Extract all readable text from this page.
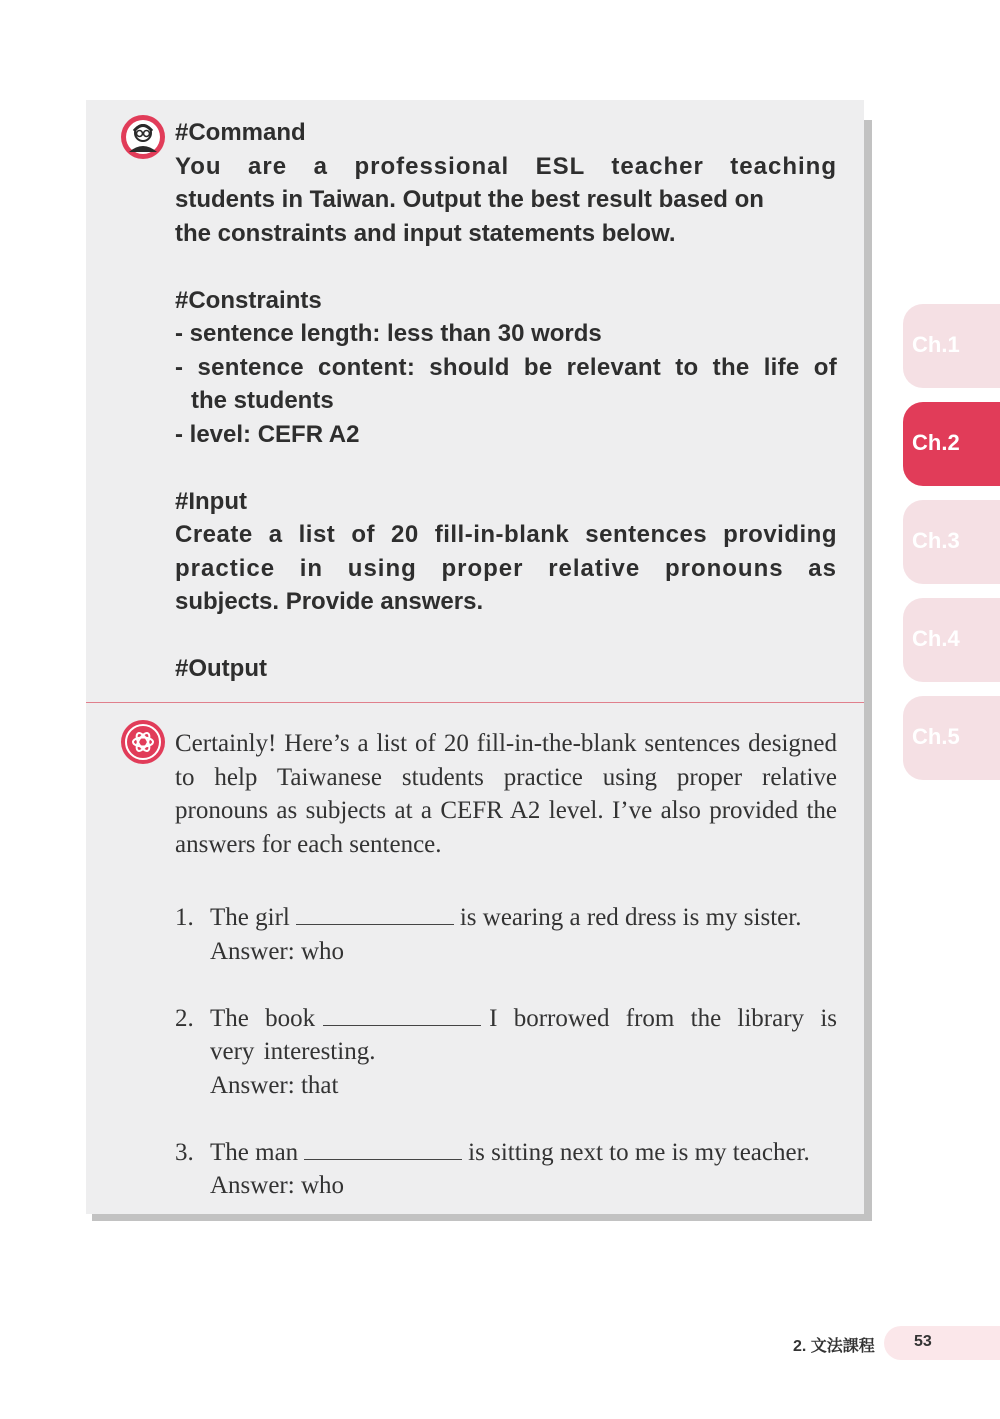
#Command

You are a professional ESL teacher teaching

students in Taiwan. Output the best result based on

the constraints and input statements below.

#Constraints

- sentence length: less than 30 words

- sentence content: should be relevant to the life of

the students

- level: CEFR A2

#Input

Create a list of 20 fill-in-blank sentences providing

practice in using proper relative pronouns as

subjects. Provide answers.

#Output

Certainly! Here’s a list of 20 fill-in-the-blank sentences designed to help Taiwanese students practice using proper relative pronouns as subjects at a CEFR A2 level. I’ve also provided the answers for each sentence.

1. The girl	is wearing a red dress is my sister.
Answer: who
2. The book	I borrowed from the library is very interesting.
Answer: that
3. The man	is sitting next to me is my teacher.
Answer: who
Ch.1
Ch.2
Ch.3
Ch.4
Ch.5
2. 文法課程 53
